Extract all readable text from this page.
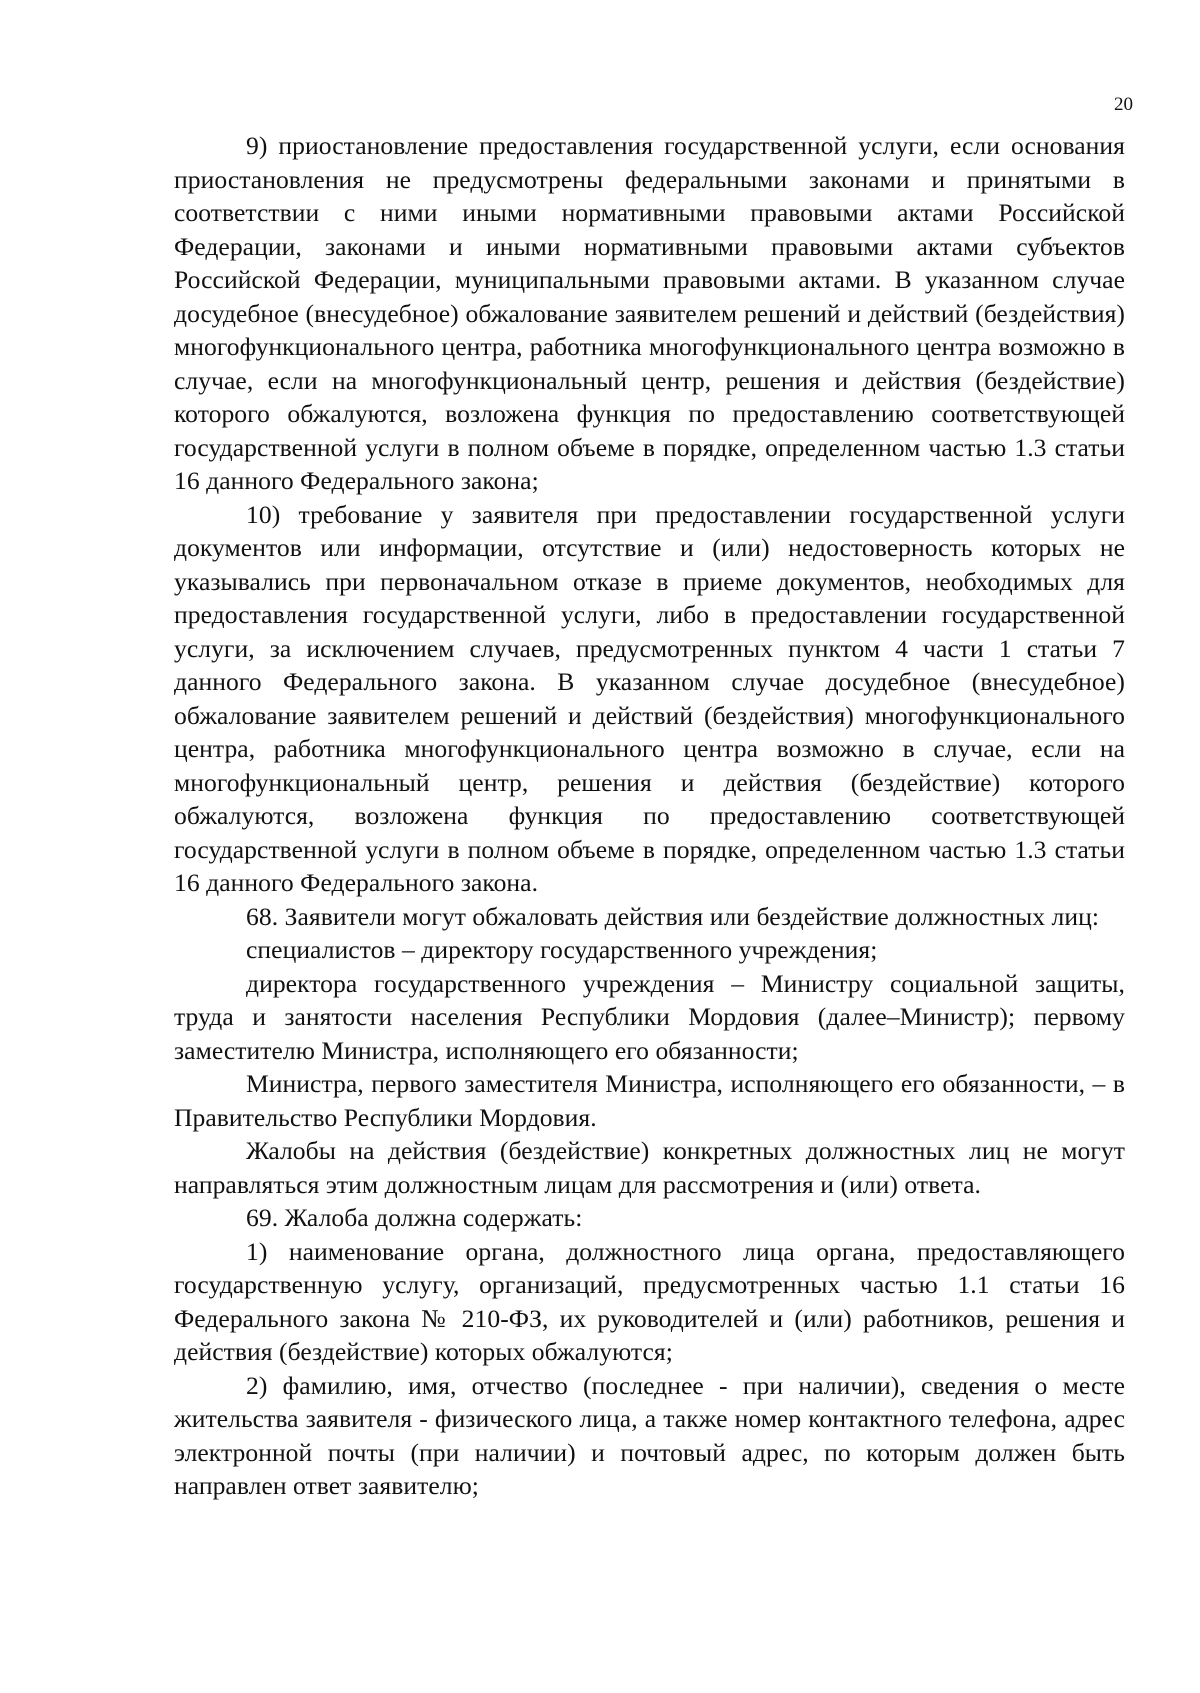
20

9) приостановление предоставления государственной услуги, если основания приостановления не предусмотрены федеральными законами и принятыми в соответствии с ними иными нормативными правовыми актами Российской Федерации, законами и иными нормативными правовыми актами субъектов Российской Федерации, муниципальными правовыми актами. В указанном случае досудебное (внесудебное) обжалование заявителем решений и действий (бездействия) многофункционального центра, работника многофункционального центра возможно в случае, если на многофункциональный центр, решения и действия (бездействие) которого обжалуются, возложена функция по предоставлению соответствующей государственной услуги в полном объеме в порядке, определенном частью 1.3 статьи 16 данного Федерального закона;

10) требование у заявителя при предоставлении государственной услуги документов или информации, отсутствие и (или) недостоверность которых не указывались при первоначальном отказе в приеме документов, необходимых для предоставления государственной услуги, либо в предоставлении государственной услуги, за исключением случаев, предусмотренных пунктом 4 части 1 статьи 7 данного Федерального закона. В указанном случае досудебное (внесудебное) обжалование заявителем решений и действий (бездействия) многофункционального центра, работника многофункционального центра возможно в случае, если на многофункциональный центр, решения и действия (бездействие) которого обжалуются, возложена функция по предоставлению соответствующей государственной услуги в полном объеме в порядке, определенном частью 1.3 статьи 16 данного Федерального закона.

68. Заявители могут обжаловать действия или бездействие должностных лиц:

специалистов – директору государственного учреждения;

директора государственного учреждения – Министру социальной защиты, труда и занятости населения Республики Мордовия (далее–Министр); первому заместителю Министра, исполняющего его обязанности;

Министра, первого заместителя Министра, исполняющего его обязанности, – в Правительство Республики Мордовия.

Жалобы на действия (бездействие) конкретных должностных лиц не могут направляться этим должностным лицам для рассмотрения и (или) ответа.

69. Жалоба должна содержать:

1) наименование органа, должностного лица органа, предоставляющего государственную услугу, организаций, предусмотренных частью 1.1 статьи 16 Федерального закона № 210-ФЗ, их руководителей и (или) работников, решения и действия (бездействие) которых обжалуются;

2) фамилию, имя, отчество (последнее - при наличии), сведения о месте жительства заявителя - физического лица, а также номер контактного телефона, адрес электронной почты (при наличии) и почтовый адрес, по которым должен быть направлен ответ заявителю;
